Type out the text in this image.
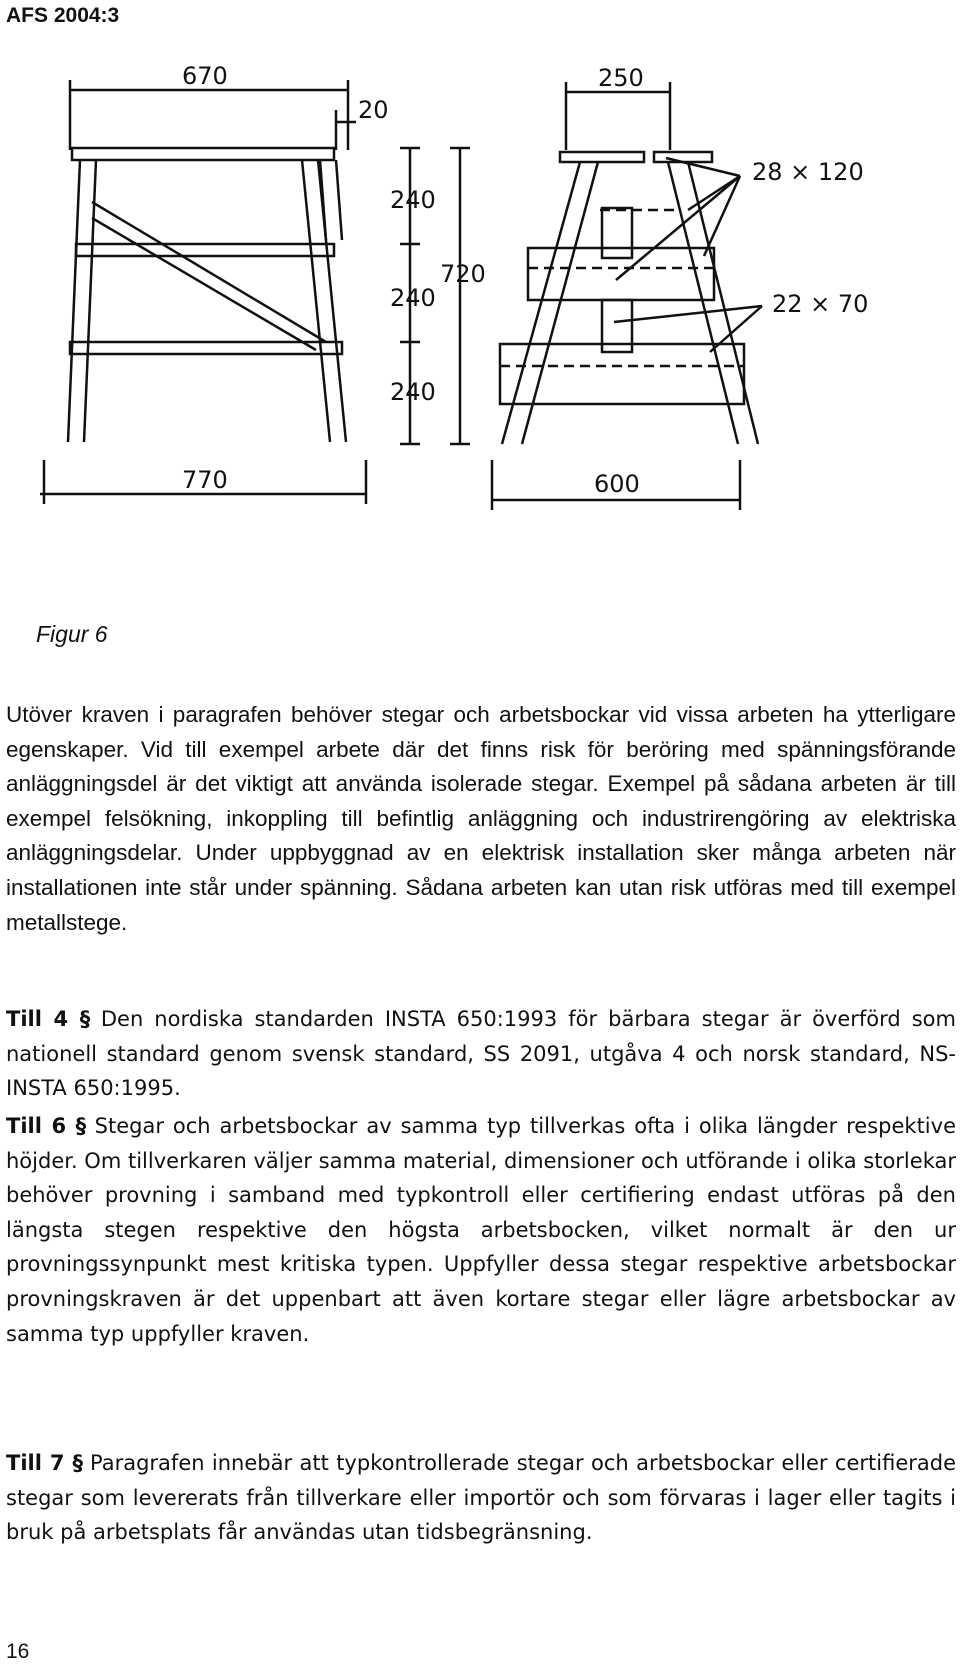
AFS 2004:3
670
20
240
240
240
720
770
250
600
28 × 120
22 × 70
Figur 6

Utöver kraven i paragrafen behöver stegar och arbetsbockar vid vissa arbeten ha ytterligare egenskaper. Vid till exempel arbete där det finns risk för beröring med spänningsförande anläggningsdel är det viktigt att använda isolerade stegar. Exempel på sådana arbeten är till exempel felsökning, inkoppling till befintlig anläggning och industrirengöring av elektriska anläggningsdelar. Under uppbyggnad av en elektrisk installation sker många arbeten när installationen inte står under spänning. Sådana arbeten kan utan risk utföras med till exempel metallstege.

Till 4 § Den nordiska standarden INSTA 650:1993 för bärbara stegar är överförd som nationell standard genom svensk standard, SS 2091, utgåva 4 och norsk standard, NS-INSTA 650:1995.

Till 6 § Stegar och arbetsbockar av samma typ tillverkas ofta i olika längder respektive höjder. Om tillverkaren väljer samma material, dimensioner och utförande i olika storlekar behöver provning i samband med typkontroll eller certifiering endast utföras på den längsta stegen respektive den högsta arbetsbocken, vilket normalt är den ur provningssynpunkt mest kritiska typen. Uppfyller dessa stegar respektive arbetsbockar provningskraven är det uppenbart att även kortare stegar eller lägre arbetsbockar av samma typ uppfyller kraven.

Till 7 § Paragrafen innebär att typkontrollerade stegar och arbetsbockar eller certifierade stegar som levererats från tillverkare eller importör och som förvaras i lager eller tagits i bruk på arbetsplats får användas utan tidsbegränsning.

16
